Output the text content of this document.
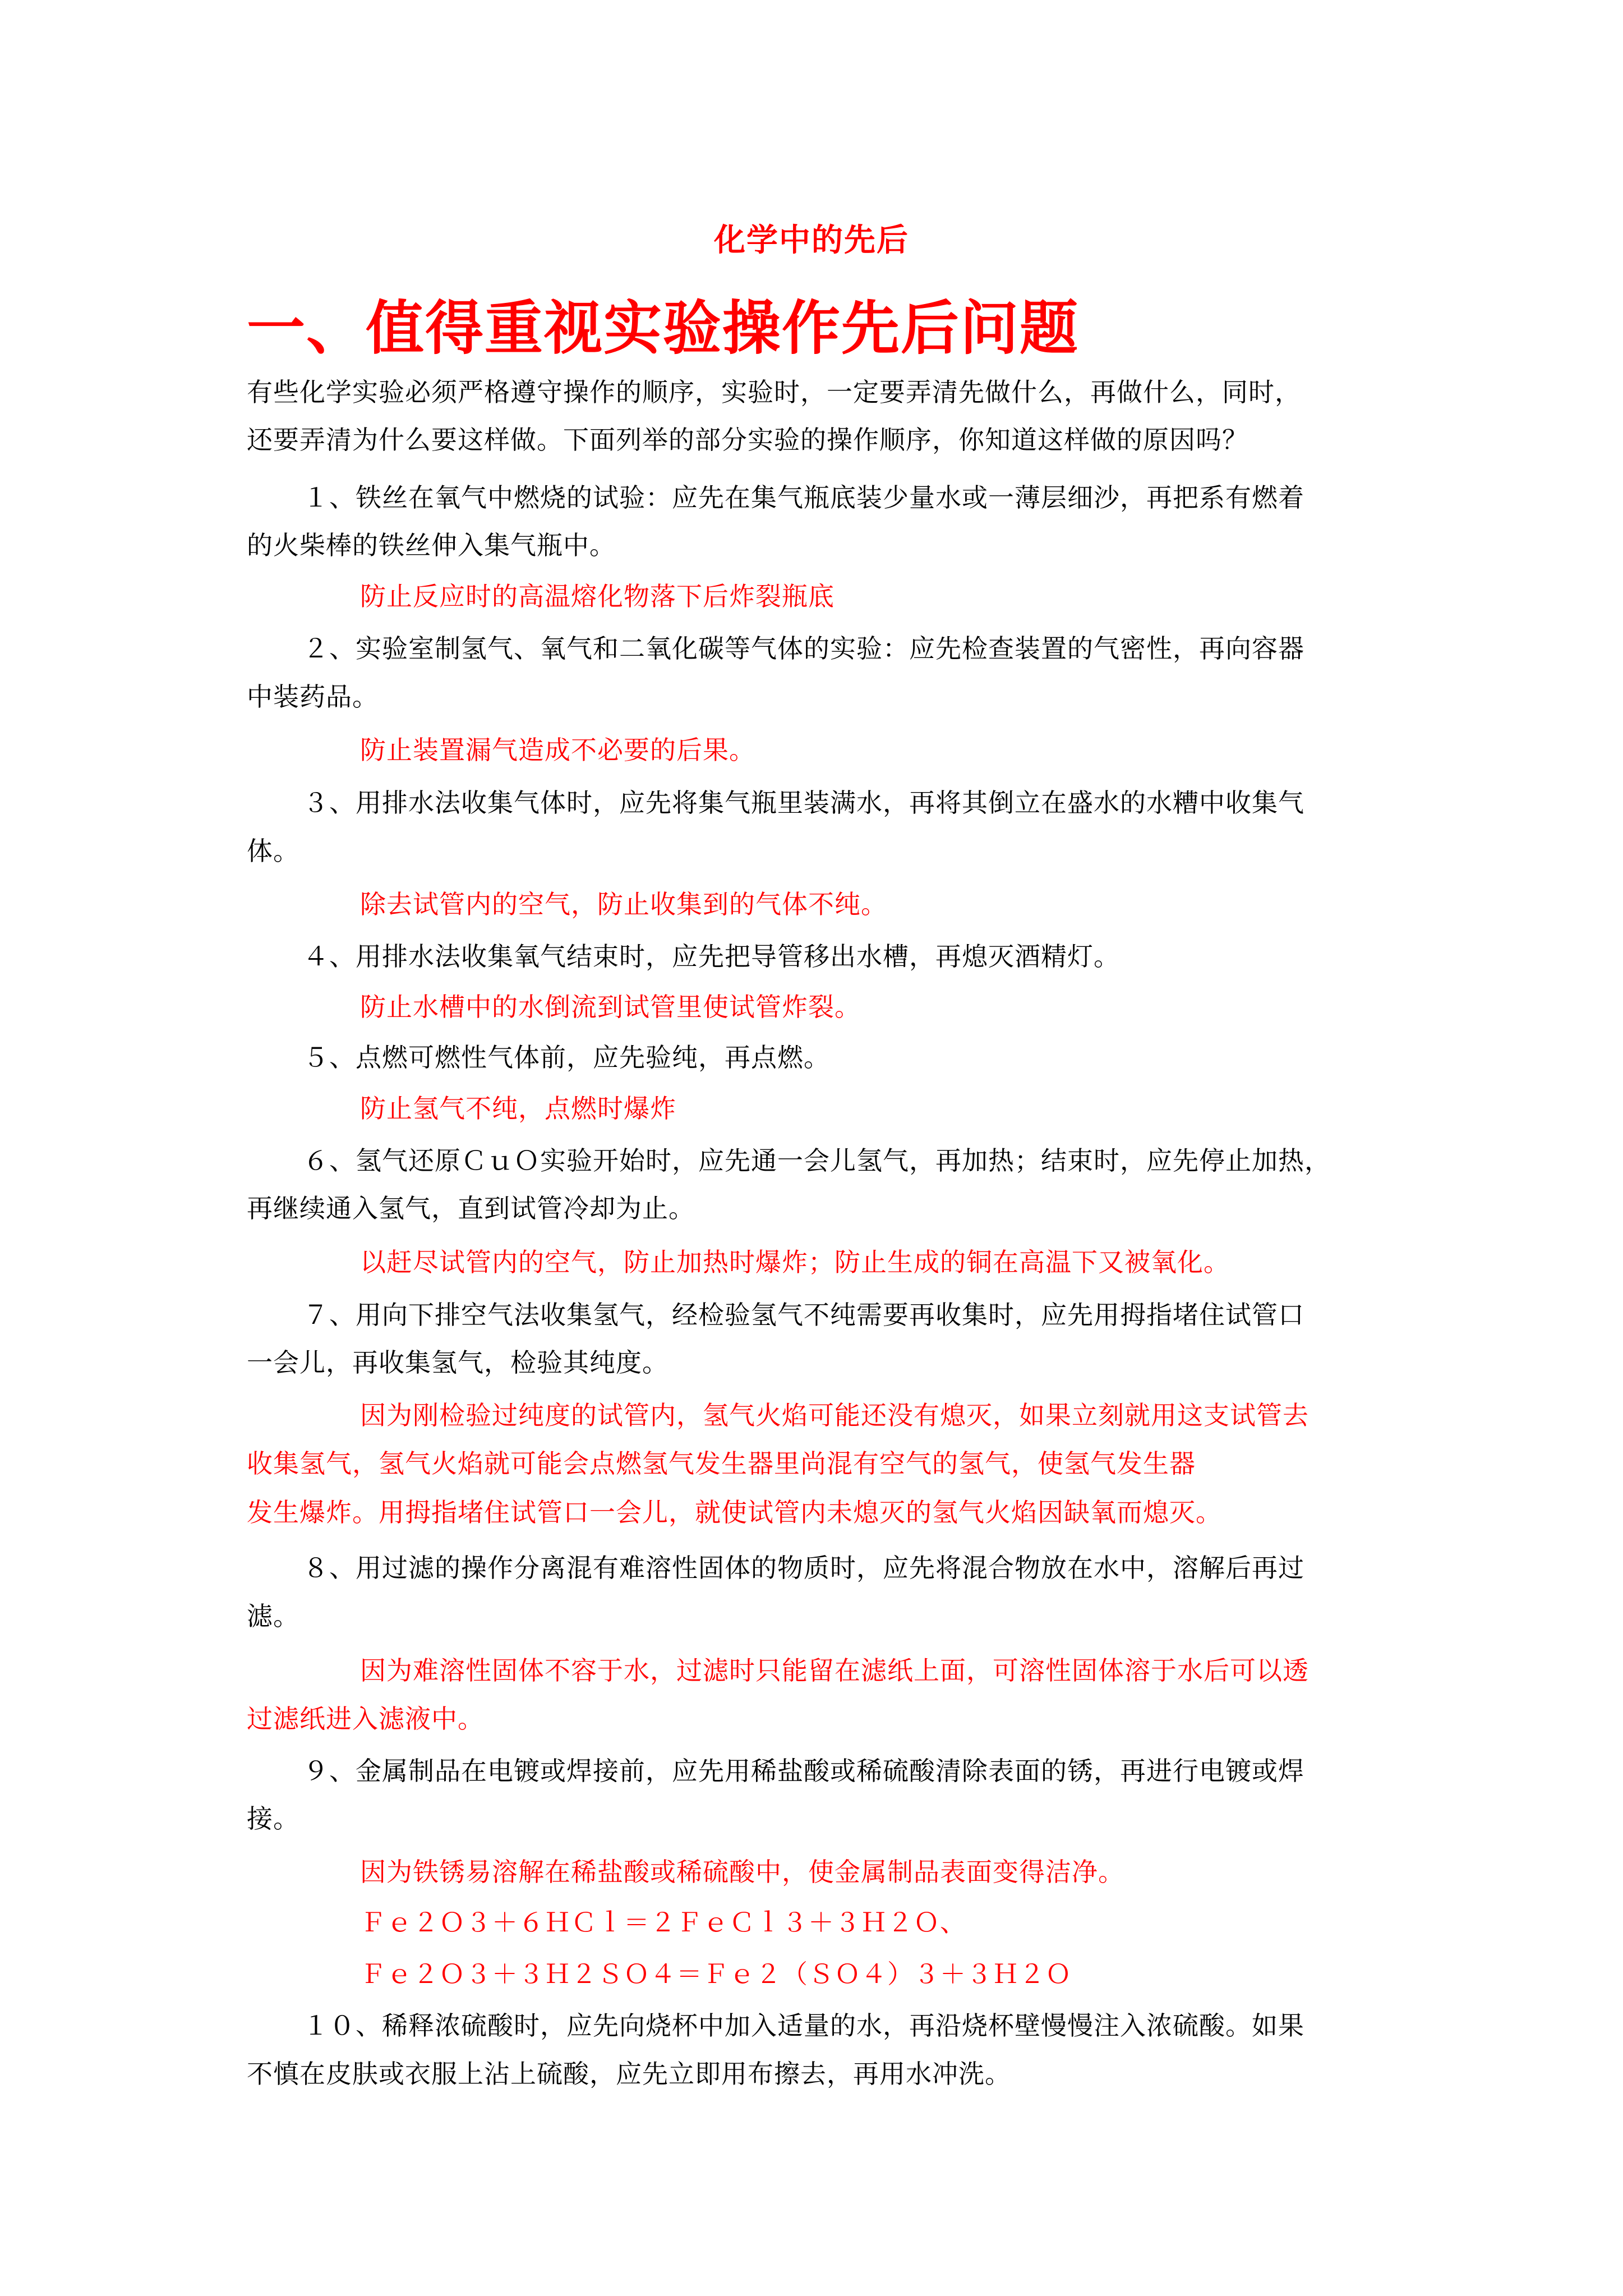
化学中的先后

一、值得重视实验操作先后问题

有些化学实验必须严格遵守操作的顺序，实验时，一定要弄清先做什么，再做什么，同时，

还要弄清为什么要这样做。下面列举的部分实验的操作顺序，你知道这样做的原因吗？

１、铁丝在氧气中燃烧的试验：应先在集气瓶底装少量水或一薄层细沙，再把系有燃着

的火柴棒的铁丝伸入集气瓶中。

防止反应时的高温熔化物落下后炸裂瓶底

２、实验室制氢气、氧气和二氧化碳等气体的实验：应先检查装置的气密性，再向容器

中装药品。

防止装置漏气造成不必要的后果。

３、用排水法收集气体时，应先将集气瓶里装满水，再将其倒立在盛水的水糟中收集气

体。

除去试管内的空气，防止收集到的气体不纯。

４、用排水法收集氧气结束时，应先把导管移出水槽，再熄灭酒精灯。

防止水槽中的水倒流到试管里使试管炸裂。

５、点燃可燃性气体前，应先验纯，再点燃。

防止氢气不纯，点燃时爆炸

６、氢气还原ＣｕＯ实验开始时，应先通一会儿氢气，再加热；结束时，应先停止加热，

再继续通入氢气，直到试管冷却为止。

以赶尽试管内的空气，防止加热时爆炸；防止生成的铜在高温下又被氧化。

７、用向下排空气法收集氢气，经检验氢气不纯需要再收集时，应先用拇指堵住试管口

一会儿，再收集氢气，检验其纯度。

因为刚检验过纯度的试管内，氢气火焰可能还没有熄灭，如果立刻就用这支试管去

收集氢气，氢气火焰就可能会点燃氢气发生器里尚混有空气的氢气，使氢气发生器

发生爆炸。用拇指堵住试管口一会儿，就使试管内未熄灭的氢气火焰因缺氧而熄灭。

８、用过滤的操作分离混有难溶性固体的物质时，应先将混合物放在水中，溶解后再过

滤。

因为难溶性固体不容于水，过滤时只能留在滤纸上面，可溶性固体溶于水后可以透

过滤纸进入滤液中。

９、金属制品在电镀或焊接前，应先用稀盐酸或稀硫酸清除表面的锈，再进行电镀或焊

接。

因为铁锈易溶解在稀盐酸或稀硫酸中，使金属制品表面变得洁净。

Ｆｅ２Ｏ３＋６ＨＣｌ＝２ＦｅＣｌ３＋３Ｈ２Ｏ、

Ｆｅ２Ｏ３＋３Ｈ２ＳＯ４＝Ｆｅ２（ＳＯ４）３＋３Ｈ２Ｏ

１０、稀释浓硫酸时，应先向烧杯中加入适量的水，再沿烧杯壁慢慢注入浓硫酸。如果

不慎在皮肤或衣服上沾上硫酸，应先立即用布擦去，再用水冲洗。
